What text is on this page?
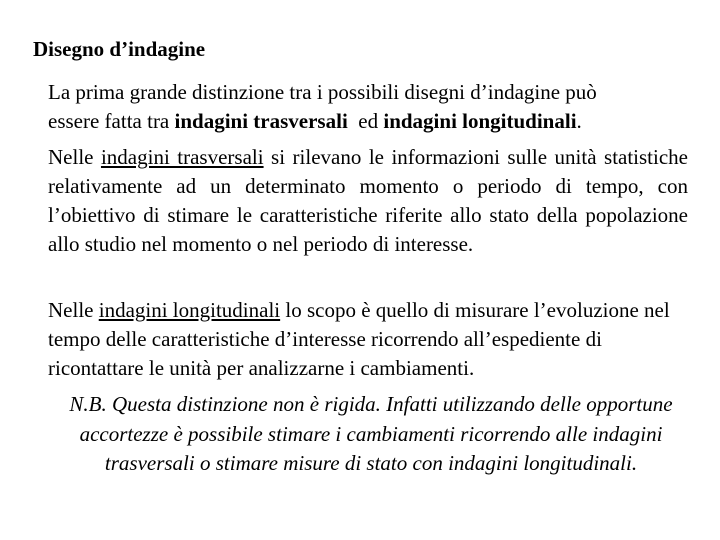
Disegno d’indagine
La prima grande distinzione tra i possibili disegni d’indagine può
essere fatta tra indagini trasversali  ed indagini longitudinali.
Nelle indagini trasversali si rilevano le informazioni sulle unità statistiche relativamente ad un determinato momento o periodo di tempo, con l’obiettivo di stimare le caratteristiche riferite allo stato della popolazione allo studio nel momento o nel periodo di interesse.
Nelle indagini longitudinali lo scopo è quello di misurare l’evoluzione nel tempo delle caratteristiche d’interesse ricorrendo all’espediente di ricontattare le unità per analizzarne i cambiamenti.
N.B. Questa distinzione non è rigida. Infatti utilizzando delle opportune accortezze è possibile stimare i cambiamenti ricorrendo alle indagini trasversali o stimare misure di stato con indagini longitudinali.
